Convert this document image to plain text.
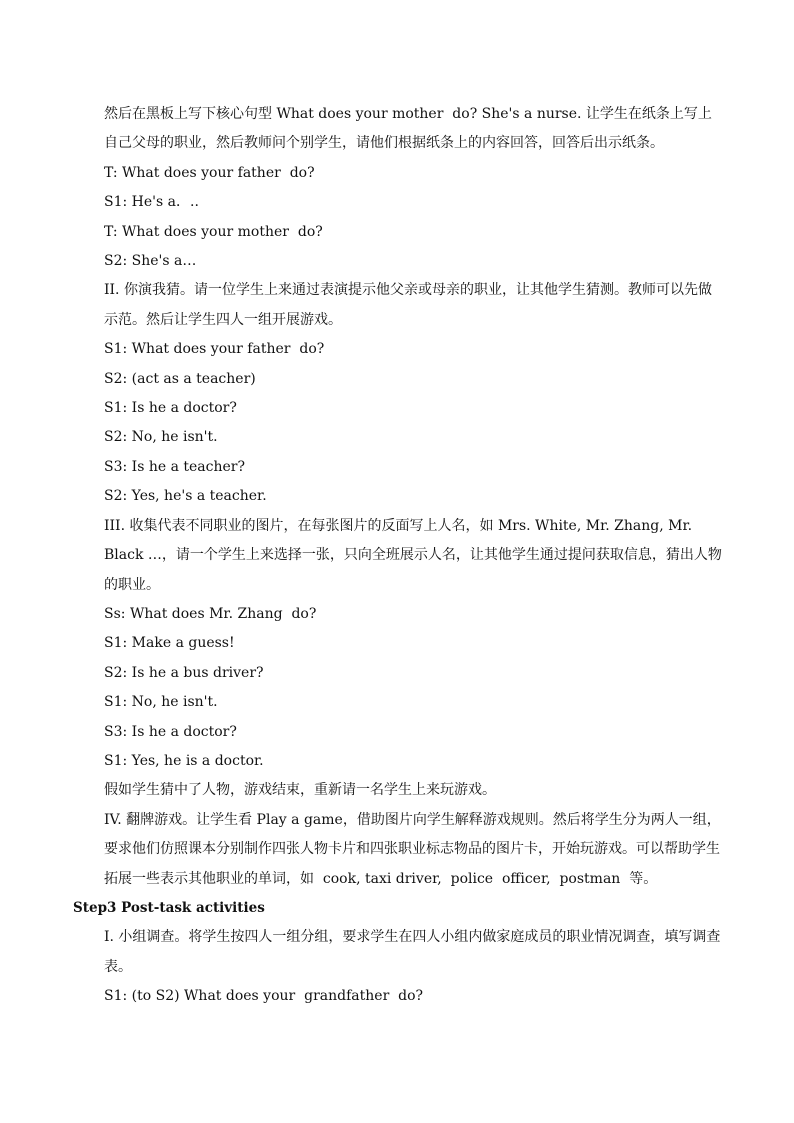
然后在黑板上写下核心句型 What does your mother  do? She's a nurse. 让学生在纸条上写上自己父母的职业，然后教师问个别学生，请他们根据纸条上的内容回答，回答后出示纸条。

T: What does your father  do?

S1: He's a．..

T: What does your mother  do?

S2: She's a…

II. 你演我猜。请一位学生上来通过表演提示他父亲或母亲的职业，让其他学生猜测。教师可以先做示范。然后让学生四人一组开展游戏。

S1: What does your father  do?

S2: (act as a teacher)

S1: Is he a doctor?

S2: No, he isn't.

S3: Is he a teacher?

S2: Yes, he's a teacher.

III. 收集代表不同职业的图片，在每张图片的反面写上人名，如 Mrs. White, Mr. Zhang, Mr. Black …，请一个学生上来选择一张，只向全班展示人名，让其他学生通过提问获取信息，猜出人物的职业。

Ss: What does Mr. Zhang  do?

S1: Make a guess!

S2: Is he a bus driver?

S1: No, he isn't.

S3: Is he a doctor?

S1: Yes, he is a doctor.

假如学生猜中了人物，游戏结束，重新请一名学生上来玩游戏。

IV. 翻牌游戏。让学生看 Play a game，借助图片向学生解释游戏规则。然后将学生分为两人一组，要求他们仿照课本分别制作四张人物卡片和四张职业标志物品的图片卡，开始玩游戏。可以帮助学生拓展一些表示其他职业的单词，如  cook, taxi driver,  police  officer,  postman  等。

Step3 Post-task activities

I. 小组调查。将学生按四人一组分组，要求学生在四人小组内做家庭成员的职业情况调查，填写调查表。

S1: (to S2) What does your  grandfather  do?
